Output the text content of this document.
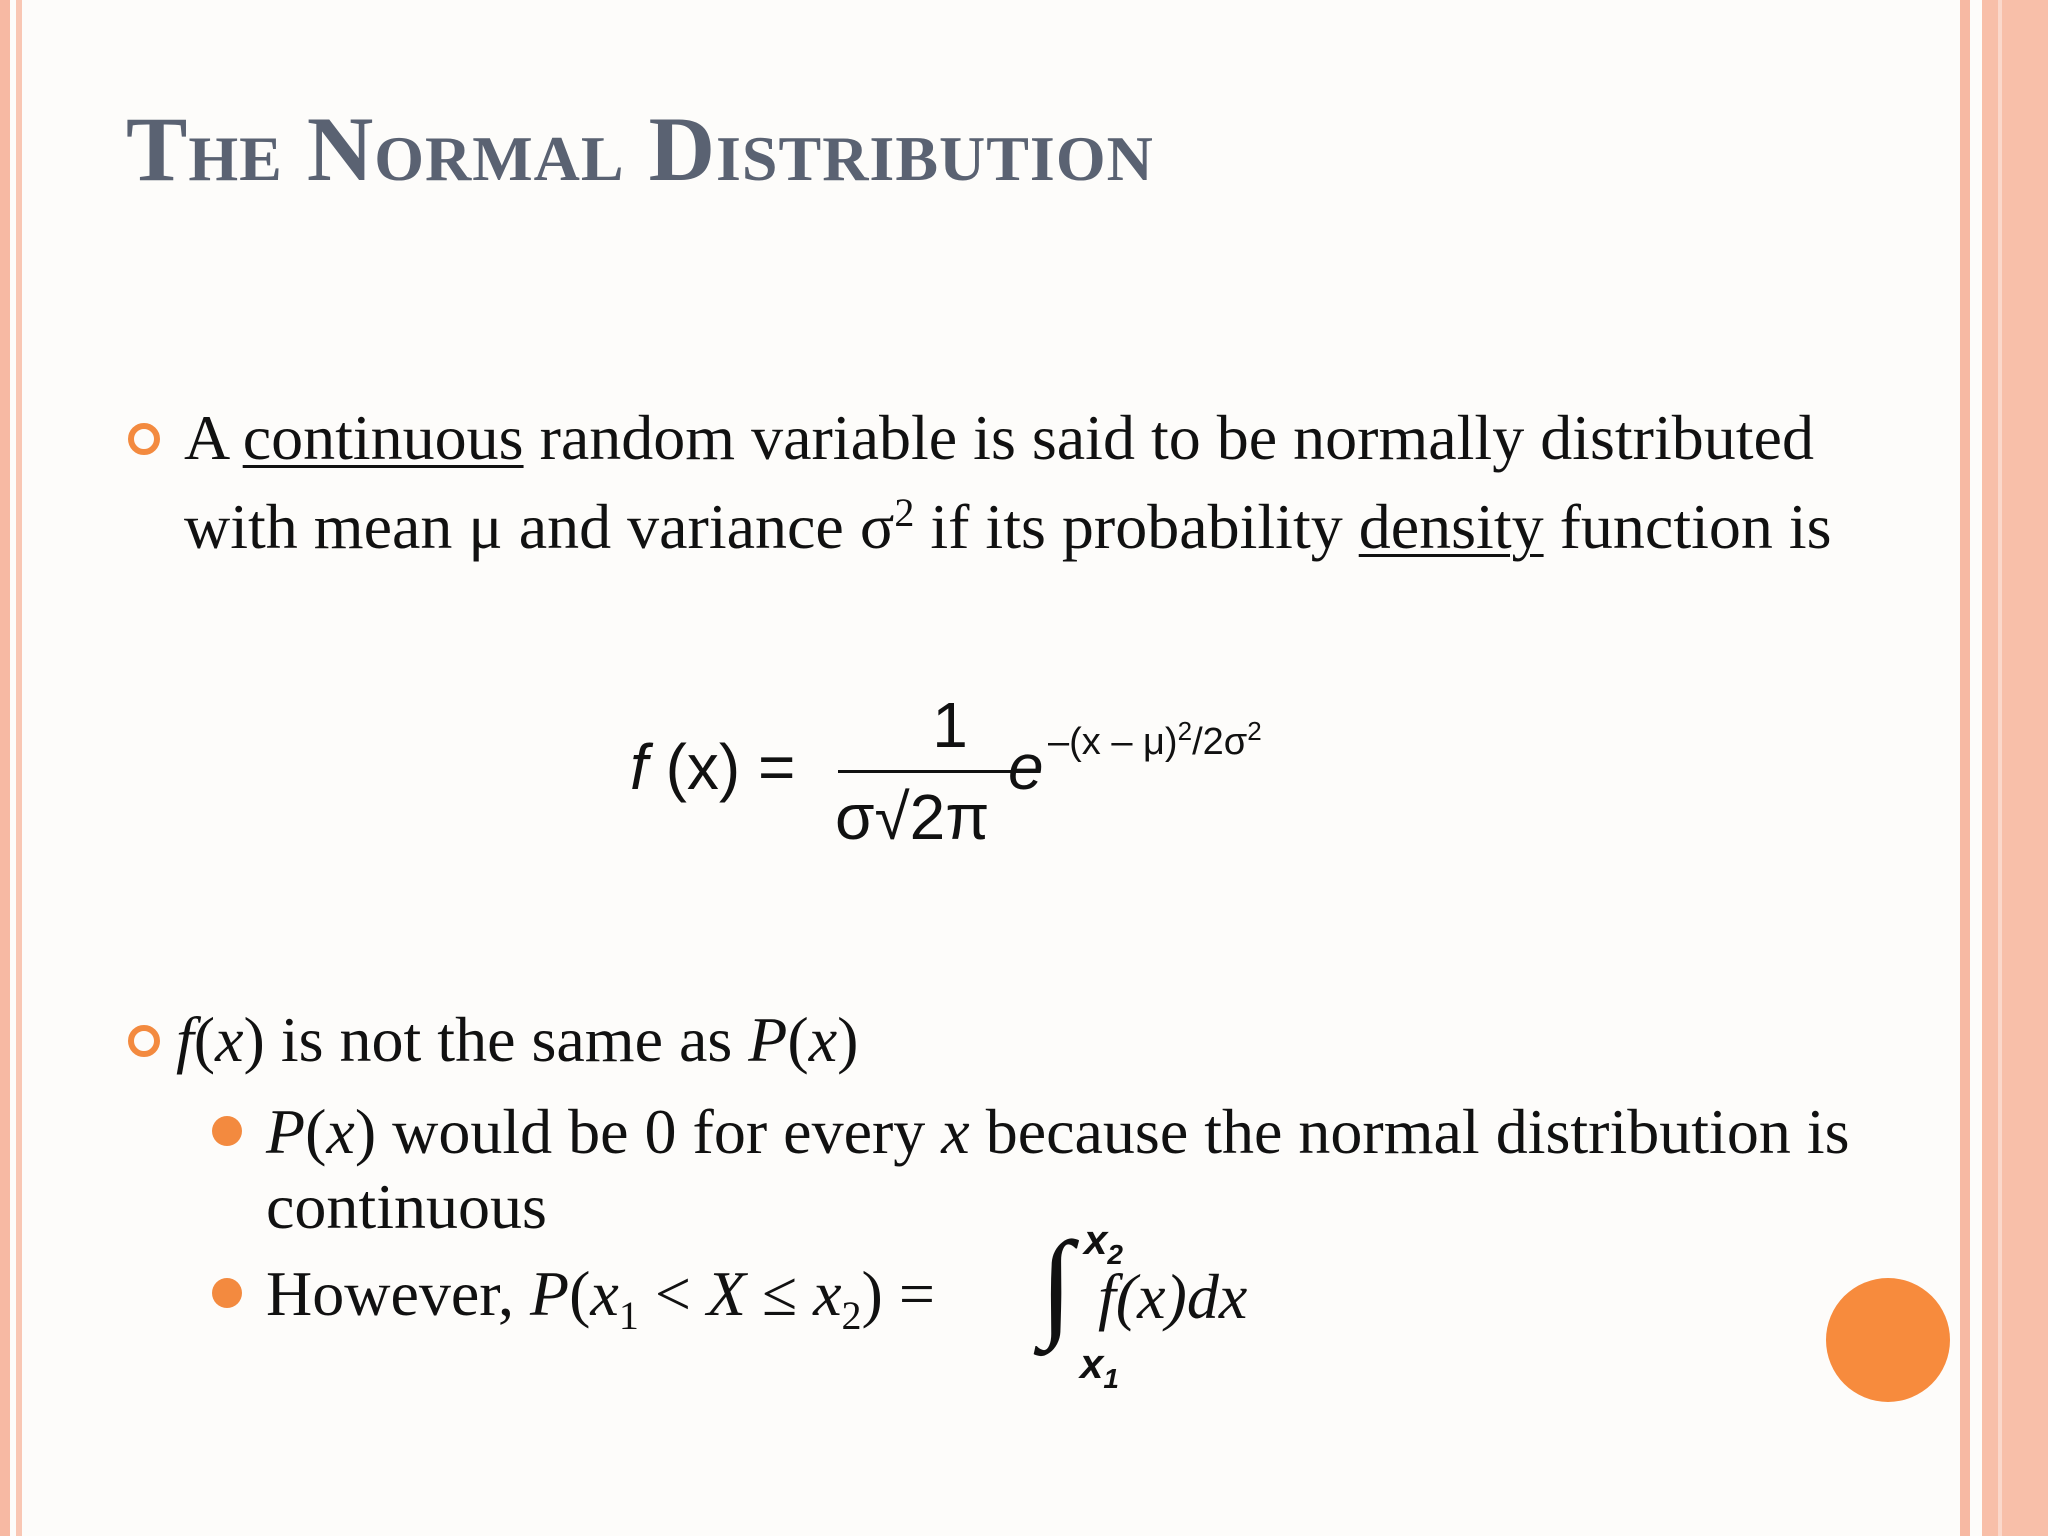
The Normal Distribution

A continuous random variable is said to be normally distributed with mean μ and variance $\sigma^2$ if its probability density function is

f (x) =
1
σ√2π
e $-(x - \mu)^2/2\sigma^2$

f(x) is not the same as P(x)

P(x) would be 0 for every x because the normal distribution is continuous

However, $P(x_1 < X \le x_2)$ = ∫ $x_2$
$x_1$
f(x)dx
